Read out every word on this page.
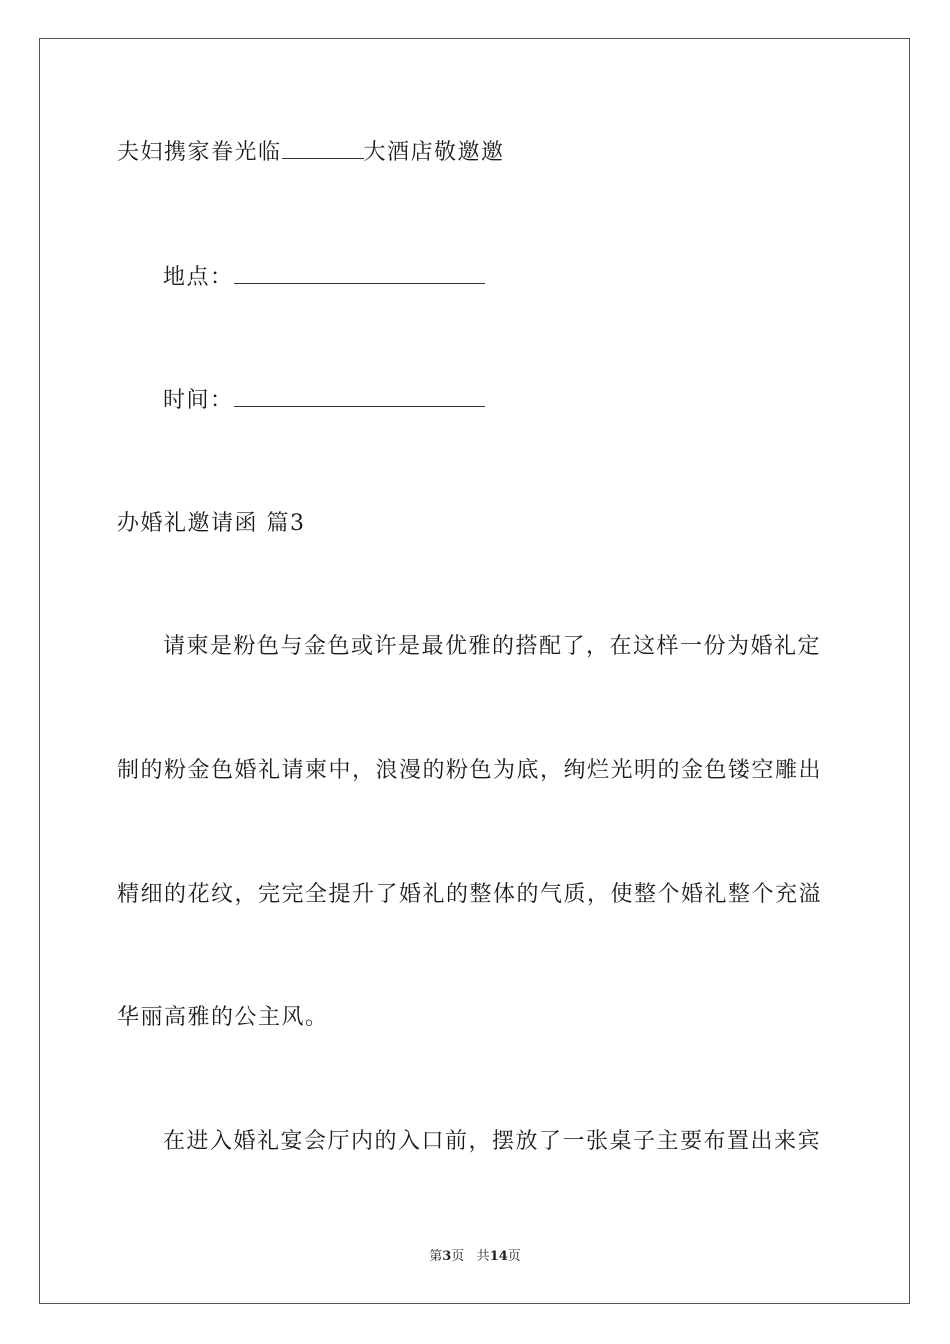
夫妇携家眷光临	大酒店敬邀邀
地点：
时间：
办婚礼邀请函 篇3
请柬是粉色与金色或许是最优雅的搭配了，在这样一份为婚礼定
制的粉金色婚礼请柬中，浪漫的粉色为底，绚烂光明的金色镂空雕出
精细的花纹，完完全提升了婚礼的整体的气质，使整个婚礼整个充溢
华丽高雅的公主风。
在进入婚礼宴会厅内的入口前，摆放了一张桌子主要布置出来宾
第3页 共14页
